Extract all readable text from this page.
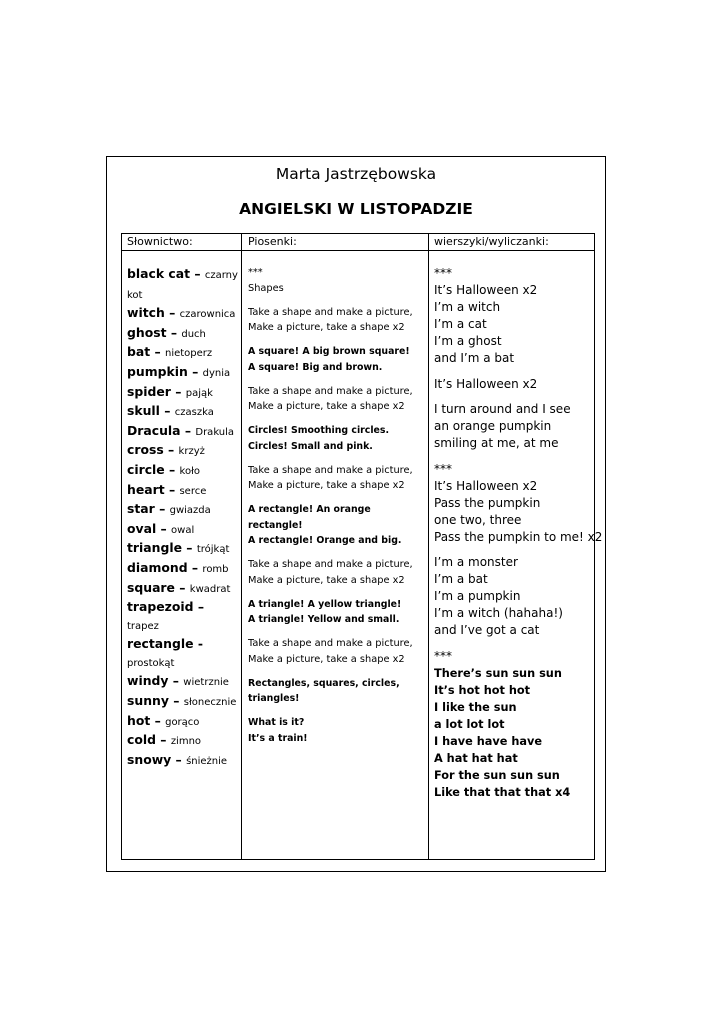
Marta Jastrzębowska
ANGIELSKI W LISTOPADZIE
Słownictwo:	Piosenki:	wierszyki/wyliczanki:
black cat – czarny kot
witch – czarownica
ghost – duch
bat – nietoperz
pumpkin – dynia
spider – pająk
skull – czaszka
Dracula – Drakula
cross – krzyż
circle – koło
heart – serce
star – gwiazda
oval – owal
triangle – trójkąt
diamond – romb
square – kwadrat
trapezoid – trapez
rectangle - prostokąt
windy – wietrznie
sunny – słonecznie
hot – gorąco
cold – zimno
snowy – śnieżnie
***
Shapes
Take a shape and make a picture,
Make a picture, take a shape x2
A square! A big brown square!
A square! Big and brown.
Take a shape and make a picture,
Make a picture, take a shape x2
Circles! Smoothing circles.
Circles! Small and pink.
Take a shape and make a picture,
Make a picture, take a shape x2
A rectangle! An orange
rectangle!
A rectangle! Orange and big.
Take a shape and make a picture,
Make a picture, take a shape x2
A triangle! A yellow triangle!
A triangle! Yellow and small.
Take a shape and make a picture,
Make a picture, take a shape x2
Rectangles, squares, circles,
triangles!
What is it?
It’s a train!
***
It’s Halloween x2
I’m a witch
I’m a cat
I’m a ghost
and I’m a bat
It’s Halloween x2
I turn around and I see
an orange pumpkin
smiling at me, at me
***
It’s Halloween x2
Pass the pumpkin
one two, three
Pass the pumpkin to me! x2
I’m a monster
I’m a bat
I’m a pumpkin
I’m a witch (hahaha!)
and I’ve got a cat
***
There’s sun sun sun
It’s hot hot hot
I like the sun
a lot lot lot
I have have have
A hat hat hat
For the sun sun sun
Like that that that x4
